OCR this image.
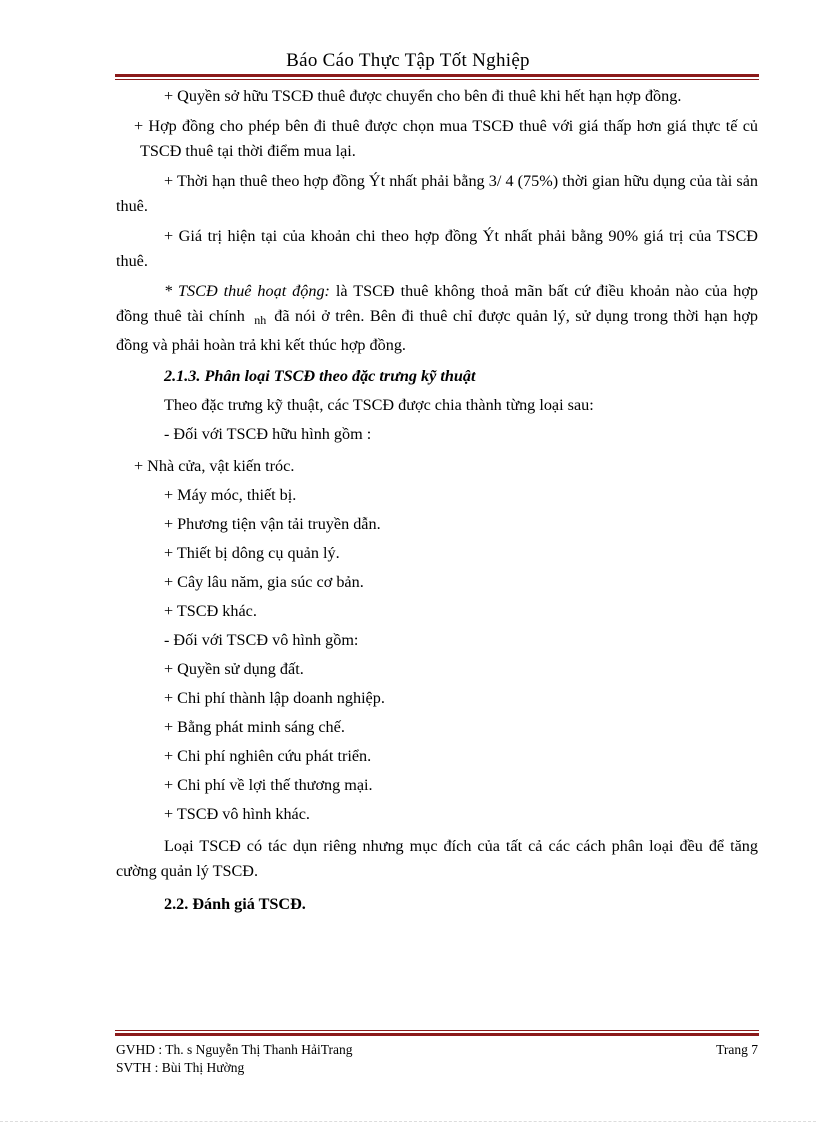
Báo Cáo Thực Tập Tốt Nghiệp

+ Quyền sở hữu TSCĐ thuê được chuyển cho bên đi thuê khi hết hạn hợp đồng.

+ Hợp đồng cho phép bên đi thuê được chọn mua TSCĐ thuê với giá thấp hơn giá thực tế củ TSCĐ thuê tại thời điểm mua lại.

+ Thời hạn thuê theo hợp đồng Ýt nhất phải bằng 3/ 4 (75%) thời gian hữu dụng của tài sản thuê.

+ Giá trị hiện tại của khoản chi theo hợp đồng Ýt nhất phải bằng 90% giá trị của TSCĐ thuê.

* TSCĐ thuê hoạt động: là TSCĐ thuê không thoả mãn bất cứ điều khoản nào của hợp đồng thuê tài chính nh đã nói ở trên. Bên đi thuê chỉ được quản lý, sử dụng trong thời hạn hợp đồng và phải hoàn trả khi kết thúc hợp đồng.

2.1.3. Phân loại TSCĐ theo đặc trưng kỹ thuật

Theo đặc trưng kỹ thuật, các TSCĐ được chia thành từng loại sau:

- Đối với TSCĐ hữu hình gồm :

+ Nhà cửa, vật kiến tróc.

+ Máy móc, thiết bị.

+ Phương tiện vận tải truyền dẫn.

+ Thiết bị dông cụ quản lý.

+ Cây lâu năm, gia súc cơ bản.

+ TSCĐ khác.

- Đối với TSCĐ vô hình gồm:

+ Quyền sử dụng đất.

+ Chi phí thành lập doanh nghiệp.

+ Bằng phát minh sáng chế.

+ Chi phí nghiên cứu phát triển.

+ Chi phí về lợi thế thương mại.

+ TSCĐ vô hình khác.

Loại TSCĐ có tác dụn riêng nhưng mục đích của tất cả các cách phân loại đều để tăng cường quản lý TSCĐ.

2.2. Đánh giá TSCĐ.

GVHD : Th. s Nguyễn Thị Thanh HảiTrang	Trang 7
SVTH : Bùi Thị Hường
